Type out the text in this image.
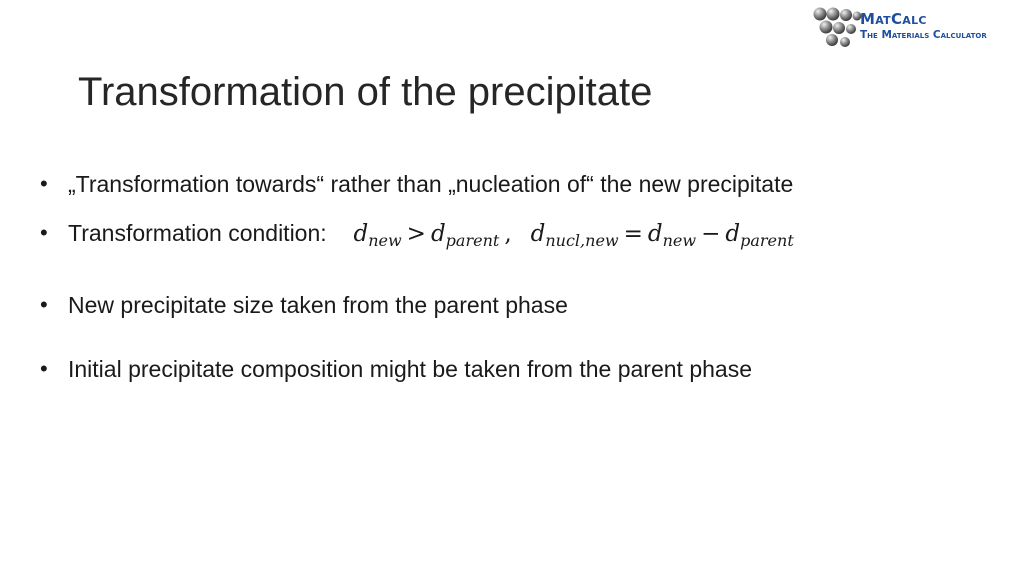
MatCalc
The Materials Calculator
Transformation of the precipitate
• „Transformation towards“ rather than „nucleation of“ the new precipitate
• Transformation condition: $d_{new} > d_{parent}$ , $d_{nucl,new} = d_{new} - d_{parent}$
• New precipitate size taken from the parent phase
• Initial precipitate composition might be taken from the parent phase
